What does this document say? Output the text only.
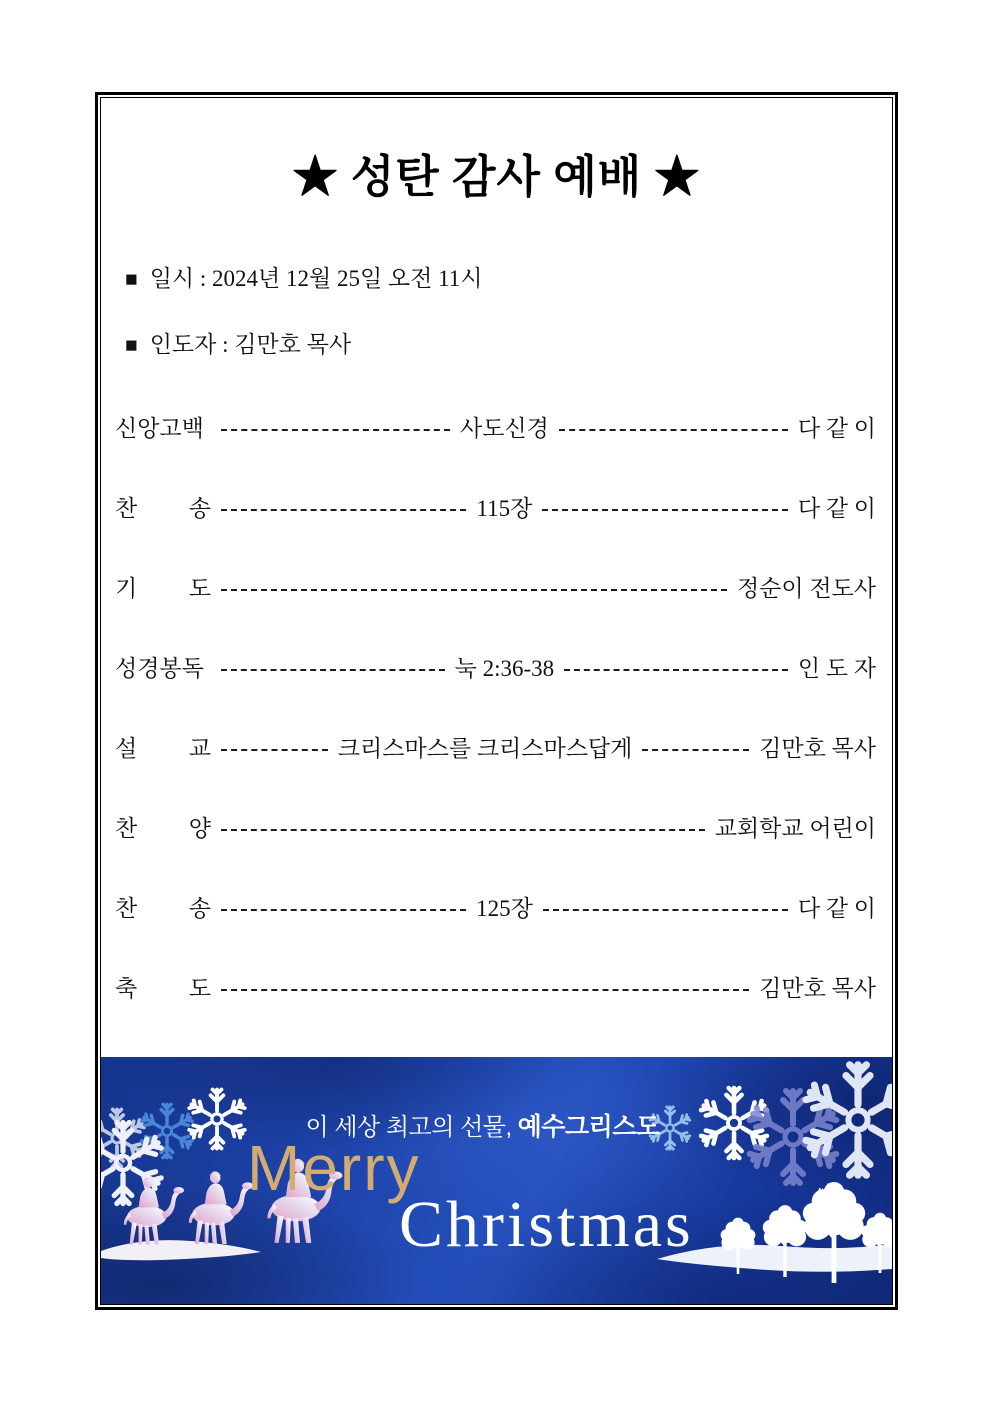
★ 성탄 감사 예배 ★
■ 일시 : 2024년 12월 25일 오전 11시
■ 인도자 : 김만호 목사
신앙고백	사도신경	다 같 이
찬 송	115장	다 같 이
기 도	정순이 전도사
성경봉독	눅 2:36-38	인 도 자
설 교	크리스마스를 크리스마스답게	김만호 목사
찬 양	교회학교 어린이
찬 송	125장	다 같 이
축 도	김만호 목사
이 세상 최고의 선물, 예수그리스도
Merry
Christmas
